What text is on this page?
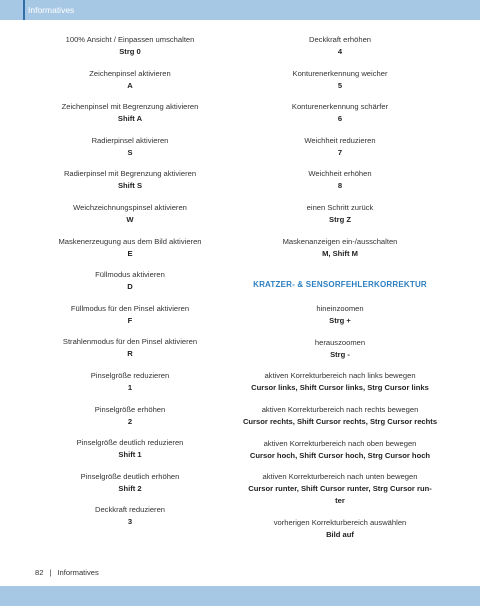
Informatives
100% Ansicht / Einpassen umschalten
Strg 0
Zeichenpinsel aktivieren
A
Zeichenpinsel mit Begrenzung aktivieren
Shift A
Radierpinsel aktivieren
S
Radierpinsel mit Begrenzung aktivieren
Shift S
Weichzeichnungspinsel aktivieren
W
Maskenerzeugung aus dem Bild aktivieren
E
Füllmodus aktivieren
D
Füllmodus für den Pinsel aktivieren
F
Strahlenmodus für den Pinsel aktivieren
R
Pinselgröße reduzieren
1
Pinselgröße erhöhen
2
Pinselgröße deutlich reduzieren
Shift 1
Pinselgröße deutlich erhöhen
Shift 2
Deckkraft reduzieren
3
Deckkraft erhöhen
4
Konturenerkennung weicher
5
Konturenerkennung schärfer
6
Weichheit reduzieren
7
Weichheit erhöhen
8
einen Schritt zurück
Strg Z
Maskenanzeigen ein-/ausschalten
M, Shift M
KRATZER- & SENSORFEHLERKORREKTUR
hineinzoomen
Strg +
herauszoomen
Strg -
aktiven Korrekturbereich nach links bewegen
Cursor links, Shift Cursor links, Strg Cursor links
aktiven Korrekturbereich nach rechts bewegen
Cursor rechts, Shift Cursor rechts, Strg Cursor rechts
aktiven Korrekturbereich nach oben bewegen
Cursor hoch, Shift Cursor hoch, Strg Cursor hoch
aktiven Korrekturbereich nach unten bewegen
Cursor runter, Shift Cursor runter, Strg Cursor run-
ter
vorherigen Korrekturbereich auswählen
Bild auf
82 | Informatives
